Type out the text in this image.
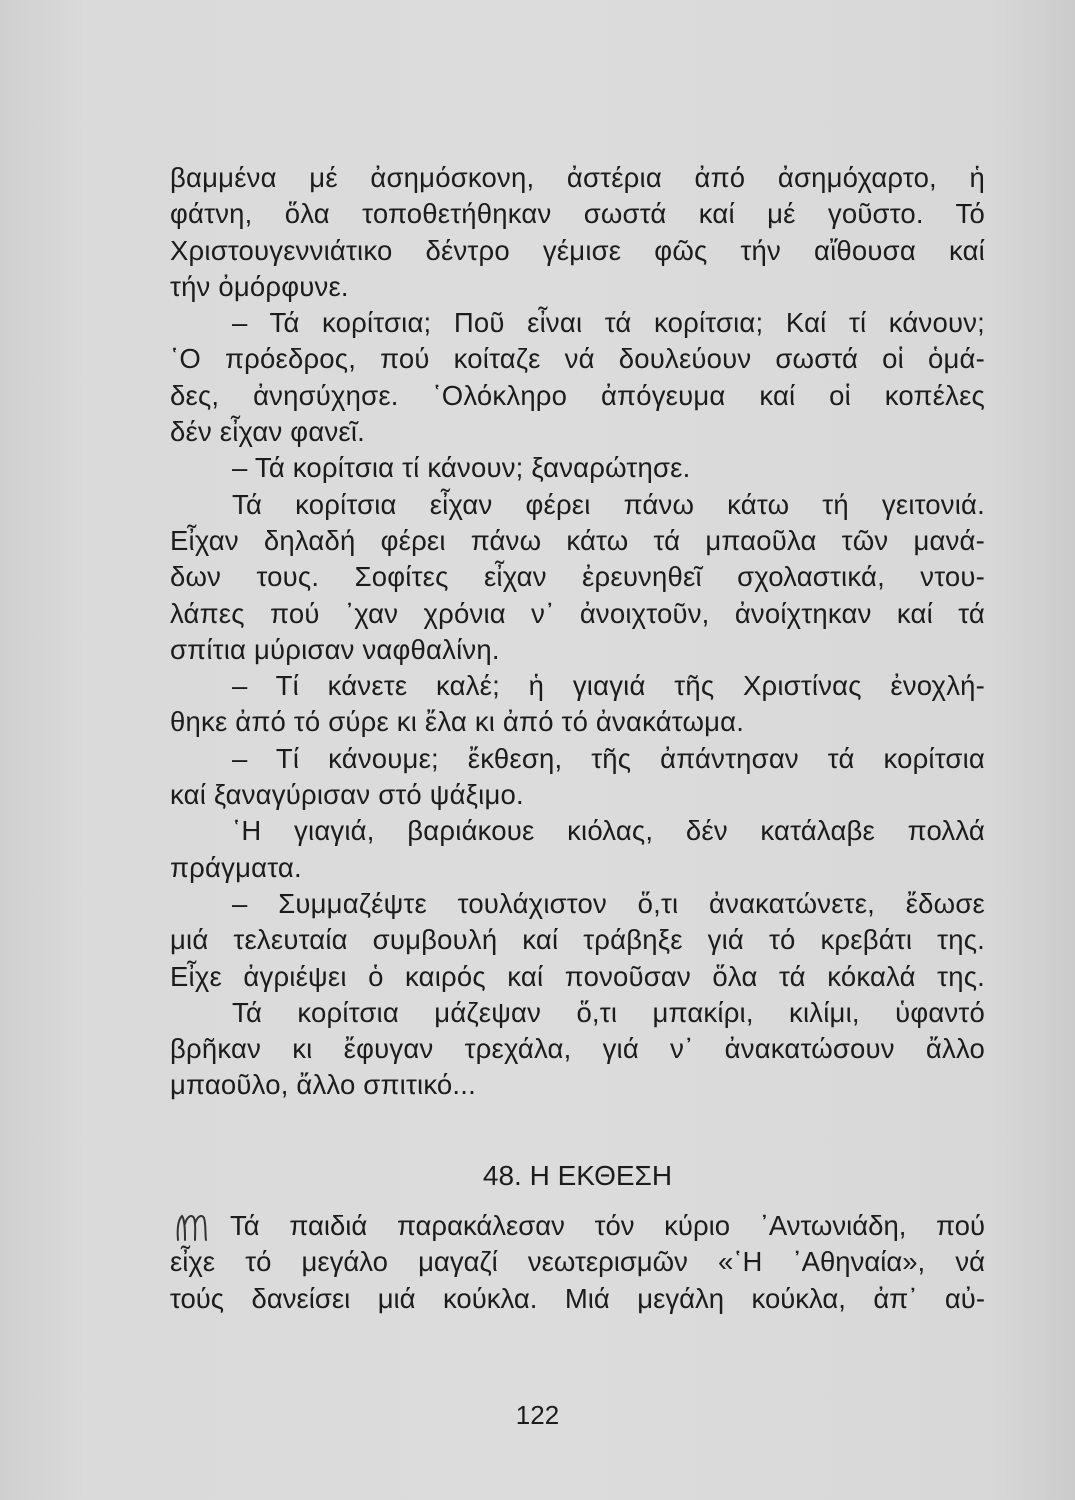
βαμμένα μέ ἀσημόσκονη, ἀστέρια ἀπό ἀσημόχαρτο, ἡ
φάτνη, ὅλα τοποθετήθηκαν σωστά καί μέ γοῦστο. Τό
Χριστουγεννιάτικο δέντρο γέμισε φῶς τήν αἴθουσα καί
τήν ὀμόρφυνε.
– Τά κορίτσια; Ποῦ εἶναι τά κορίτσια; Καί τί κάνουν;
῾Ο πρόεδρος, πού κοίταζε νά δουλεύουν σωστά οἱ ὁμά-
δες, ἀνησύχησε. ῾Ολόκληρο ἀπόγευμα καί οἱ κοπέλες
δέν εἶχαν φανεῖ.
– Τά κορίτσια τί κάνουν; ξαναρώτησε.
Τά κορίτσια εἶχαν φέρει πάνω κάτω τή γειτονιά.
Εἶχαν δηλαδή φέρει πάνω κάτω τά μπαοῦλα τῶν μανά-
δων τους. Σοφίτες εἶχαν ἐρευνηθεῖ σχολαστικά, ντου-
λάπες πού ᾽χαν χρόνια ν᾽ ἀνοιχτοῦν, ἀνοίχτηκαν καί τά
σπίτια μύρισαν ναφθαλίνη.
– Τί κάνετε καλέ; ἡ γιαγιά τῆς Χριστίνας ἐνοχλή-
θηκε ἀπό τό σύρε κι ἔλα κι ἀπό τό ἀνακάτωμα.
– Τί κάνουμε; ἔκθεση, τῆς ἀπάντησαν τά κορίτσια
καί ξαναγύρισαν στό ψάξιμο.
῾Η γιαγιά, βαριάκουε κιόλας, δέν κατάλαβε πολλά
πράγματα.
– Συμμαζέψτε τουλάχιστον ὅ,τι ἀνακατώνετε, ἔδωσε
μιά τελευταία συμβουλή καί τράβηξε γιά τό κρεβάτι της.
Εἶχε ἀγριέψει ὁ καιρός καί πονοῦσαν ὅλα τά κόκαλά της.
Τά κορίτσια μάζεψαν ὅ,τι μπακίρι, κιλίμι, ὑφαντό
βρῆκαν κι ἔφυγαν τρεχάλα, γιά ν᾽ ἀνακατώσουν ἄλλο
μπαοῦλο, ἄλλο σπιτικό...
48. Η ΕΚΘΕΣΗ
Τά παιδιά παρακάλεσαν τόν κύριο ᾽Αντωνιάδη, πού
εἶχε τό μεγάλο μαγαζί νεωτερισμῶν «῾Η ᾽Αθηναία», νά
τούς δανείσει μιά κούκλα. Μιά μεγάλη κούκλα, ἀπ᾽ αὐ-
122
